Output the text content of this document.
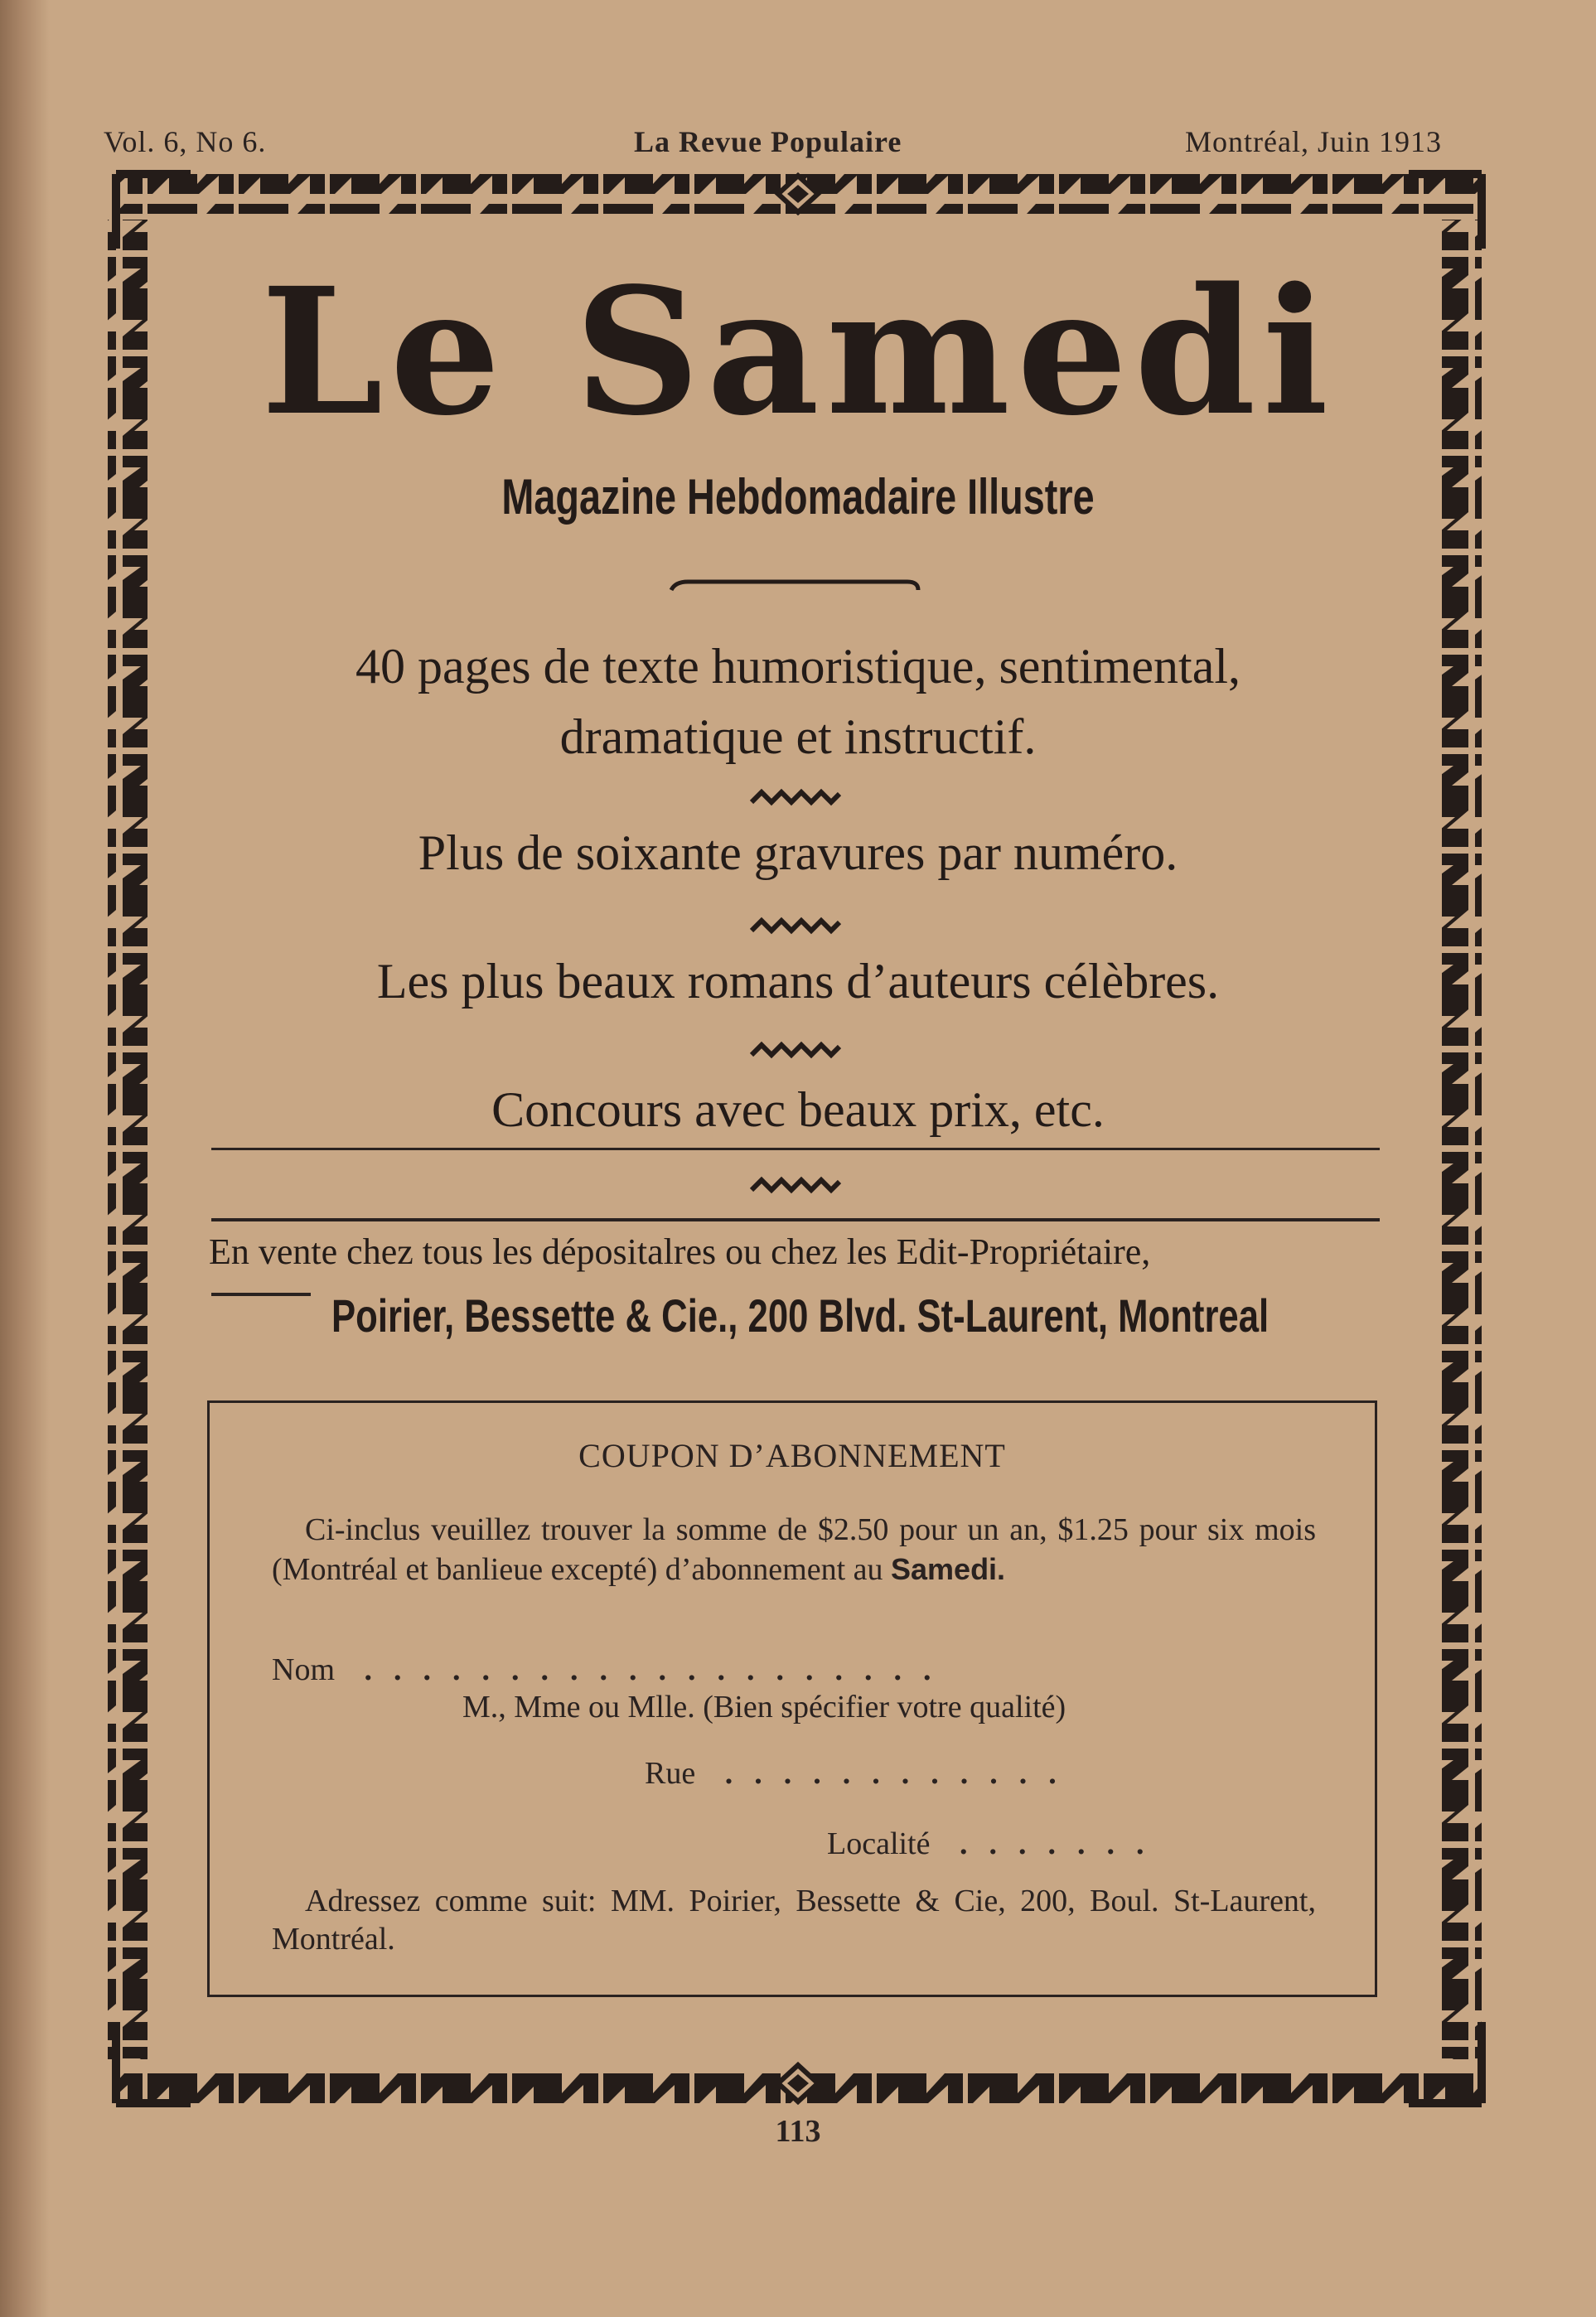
Vol. 6, No 6.	La Revue Populaire	Montréal, Juin 1913
Le Samedi
Magazine Hebdomadaire Illustre
40 pages de texte humoristique, sentimental,
dramatique et instructif.
Plus de soixante gravures par numéro.
Les plus beaux romans d’auteurs célèbres.
Concours avec beaux prix, etc.
En vente chez tous les dépositalres ou chez les Edit-Propriétaire,
Poirier, Bessette & Cie., 200 Blvd. St-Laurent, Montreal
COUPON D’ABONNEMENT
Ci-inclus veuillez trouver la somme de $2.50 pour un an, $1.25 pour six mois (Montréal et banlieue excepté) d’abonnement au Samedi.
Nom ....................
M., Mme ou Mlle. (Bien spécifier votre qualité)
Rue ............
Localité .......
Adressez comme suit: MM. Poirier, Bessette & Cie, 200, Boul. St-Laurent, Montréal.
113
